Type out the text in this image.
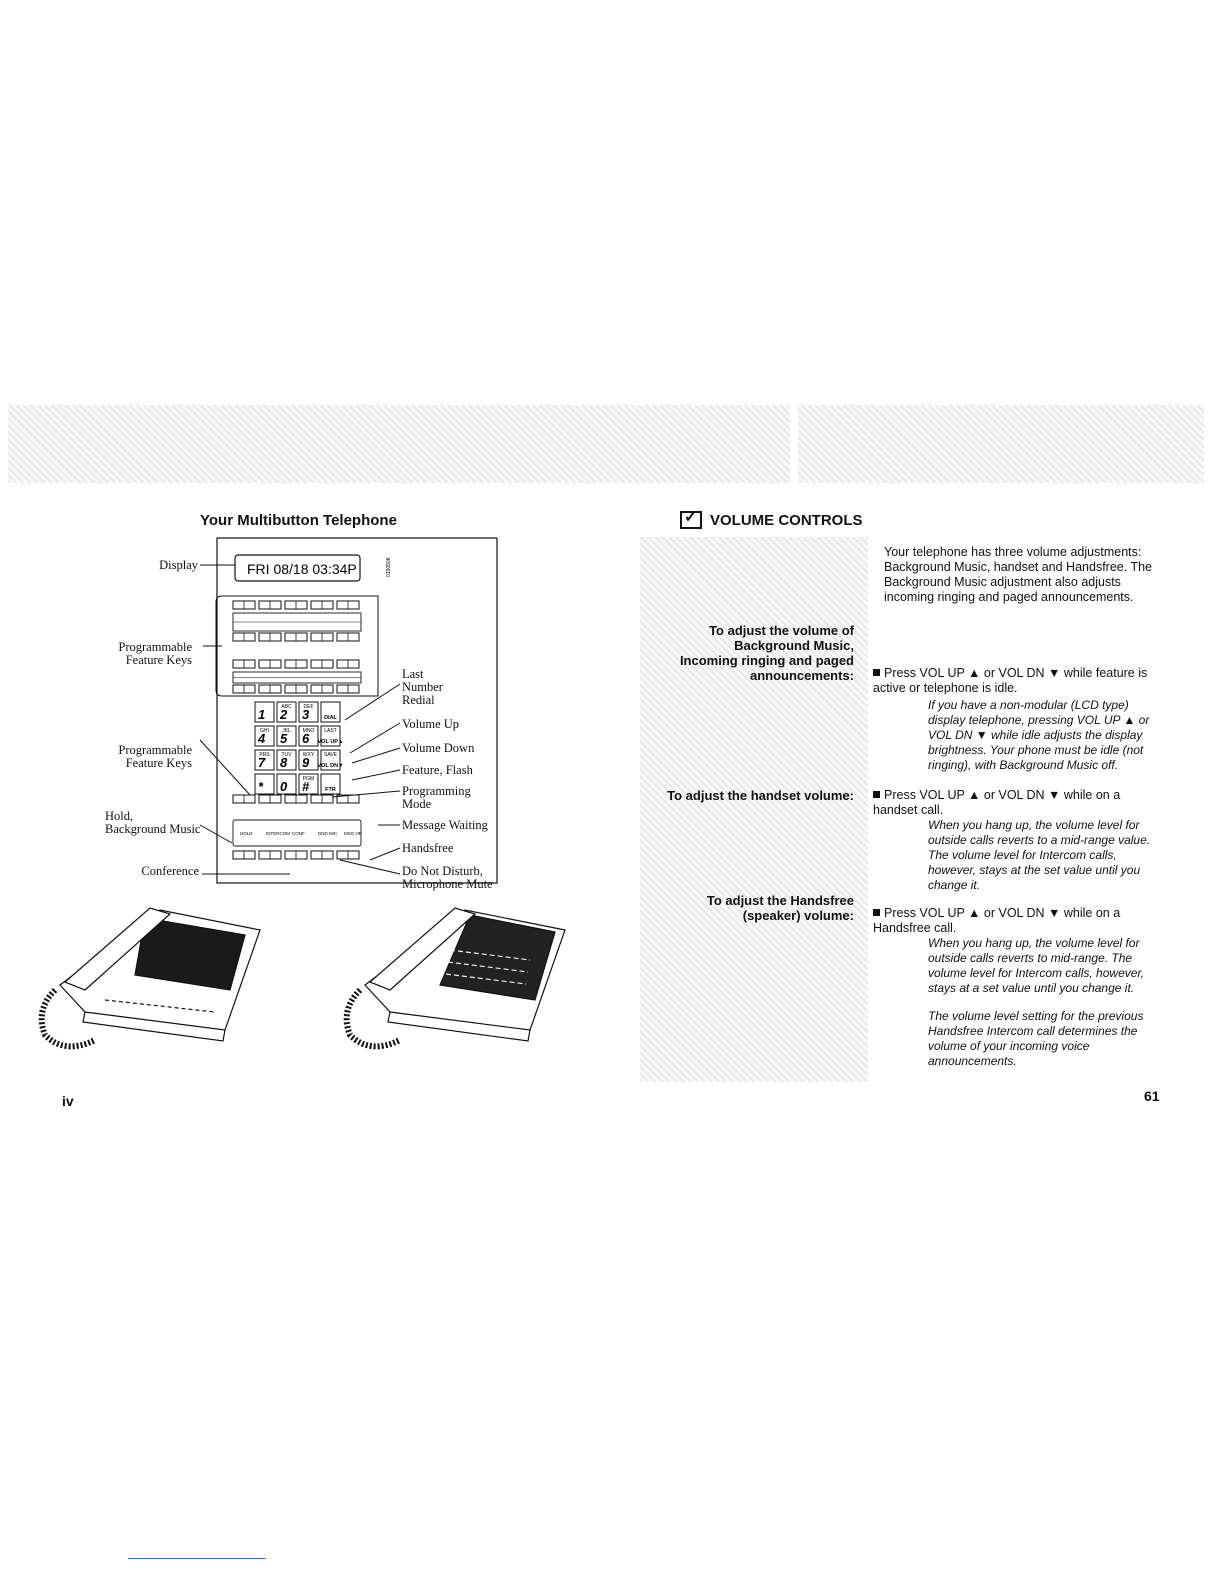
Your Multibutton Telephone
FRI 08/18 03:34P	015050K
1	ABC
2	DEF
3	DIAL
GHI
4	JKL
5	MNO
6	LAST
VOL UP▲
PRS
7	TUV
8	WXY
9	SAVE
VOL DN▼
* 0	PGM
#	FTR
HOLD	INTERCOM CONF	DND MIC MSG HF
Display
Programmable
Feature Keys
Programmable
Feature Keys
Hold,
Background Music
Conference
Last
Number
Redial
Volume Up
Volume Down
Feature, Flash
Programming
Mode
Message Waiting
Handsfree
Do Not Disturb,
Microphone Mute
iv
✓ VOLUME CONTROLS
Your telephone has three volume adjustments: Background Music, handset and Handsfree. The Background Music adjustment also adjusts incoming ringing and paged announcements.
To adjust the volume of Background Music, Incoming ringing and paged announcements:	Press VOL UP ▲ or VOL DN ▼ while feature is active or telephone is idle.
If you have a non-modular (LCD type) display telephone, pressing VOL UP ▲ or VOL DN ▼ while idle adjusts the display brightness. Your phone must be idle (not ringing), with Background Music off.
To adjust the handset volume:	Press VOL UP ▲ or VOL DN ▼ while on a handset call.
When you hang up, the volume level for outside calls reverts to a mid-range value. The volume level for Intercom calls, however, stays at the set value until you change it.
To adjust the Handsfree (speaker) volume:	Press VOL UP ▲ or VOL DN ▼ while on a Handsfree call.
When you hang up, the volume level for outside calls reverts to mid-range. The volume level for Intercom calls, however, stays at a set value until you change it.
The volume level setting for the previous Handsfree Intercom call determines the volume of your incoming voice announcements.
61
